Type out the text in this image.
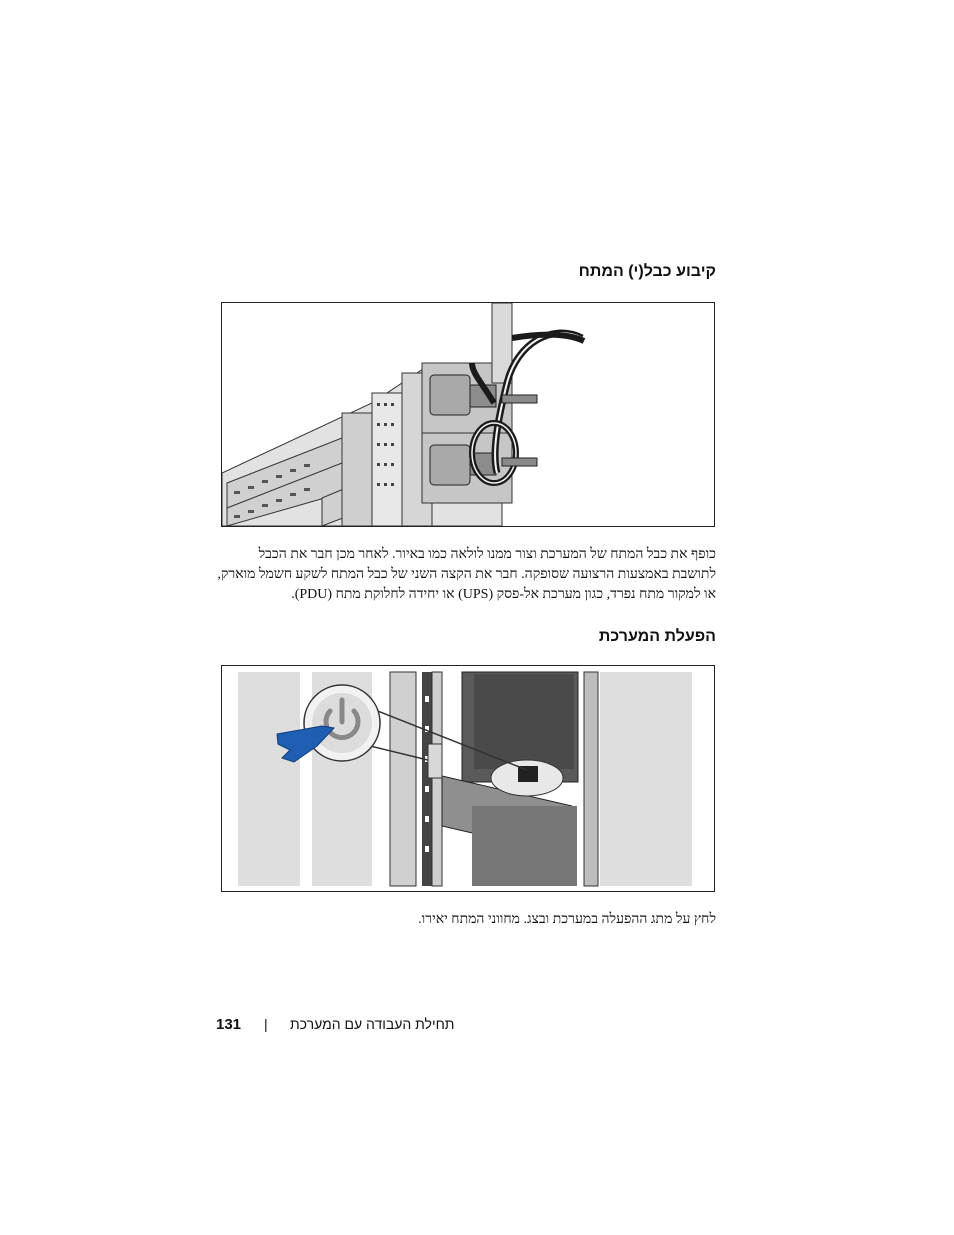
קיבוע כבל(י) המתח
כופף את כבל המתח של המערכת וצור ממנו לולאה כמו באיור. לאחר מכן חבר את הכבל לתושבת באמצעות הרצועה שסופקה. חבר את הקצה השני של כבל המתח לשקע חשמל מוארק, או למקור מתח נפרד, כגון מערכת אל-פסק (UPS) או יחידה לחלוקת מתח (PDU).
הפעלת המערכת
לחץ על מתג ההפעלה במערכת ובצג. מחווני המתח יאירו.
131 | תחילת העבודה עם המערכת
